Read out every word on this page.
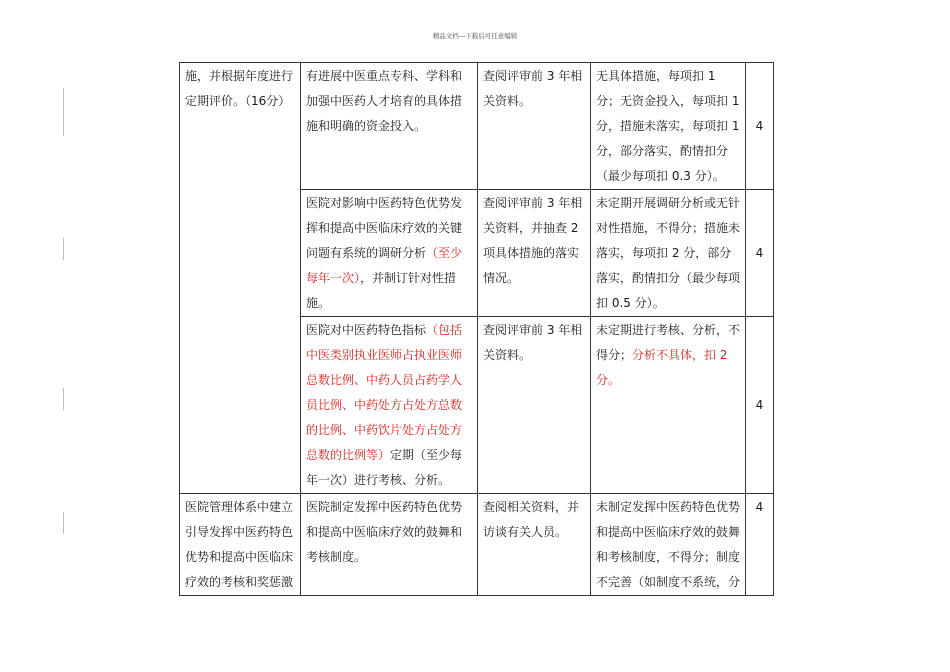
精品文档---下载后可任意编辑
施，并根据年度进行定期评价。（16分）	有进展中医重点专科、学科和加强中医药人才培育的具体措施和明确的资金投入。	查阅评审前 3 年相关资料。	无具体措施，每项扣 1 分；无资金投入，每项扣 1 分，措施未落实，每项扣 1 分，部分落实，酌情扣分（最少每项扣 0.3 分）。	4
	医院对影响中医药特色优势发挥和提高中医临床疗效的关键问题有系统的调研分析（至少每年一次），并制订针对性措施。	查阅评审前 3 年相关资料，并抽查 2 项具体措施的落实情况。	未定期开展调研分析或无针对性措施，不得分；措施未落实，每项扣 2 分，部分落实，酌情扣分（最少每项扣 0.5 分）。	4
	医院对中医药特色指标（包括中医类别执业医师占执业医师总数比例、中药人员占药学人员比例、中药处方占处方总数的比例、中药饮片处方占处方总数的比例等）定期（至少每年一次）进行考核、分析。	查阅评审前 3 年相关资料。	未定期进行考核、分析，不得分；分析不具体，扣 2 分。	4
医院管理体系中建立引导发挥中医药特色优势和提高中医临床疗效的考核和奖惩激	医院制定发挥中医药特色优势和提高中医临床疗效的鼓舞和考核制度。	查阅相关资料，并访谈有关人员。	未制定发挥中医药特色优势和提高中医临床疗效的鼓舞和考核制度，不得分；制度不完善（如制度不系统，分	4
